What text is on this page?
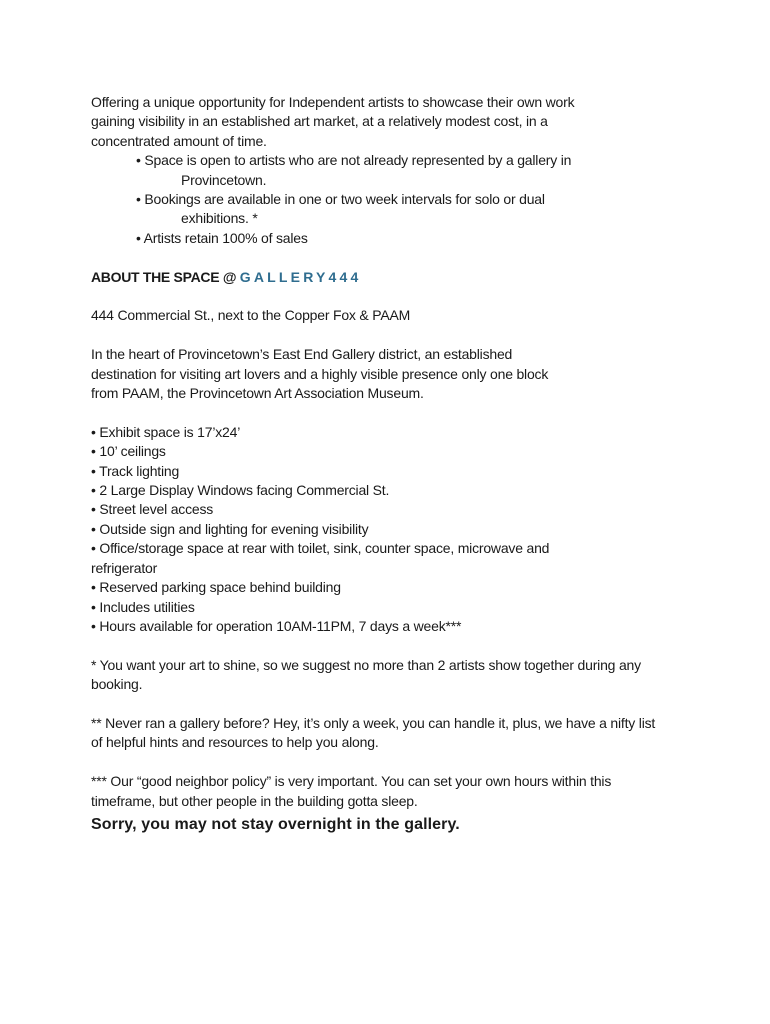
Offering a unique opportunity for Independent artists to showcase their own work
gaining visibility in an established art market, at a relatively modest cost, in a
concentrated amount of time.
• Space is open to artists who are not already represented by a gallery in
Provincetown.
• Bookings are available in one or two week intervals for solo or dual
exhibitions. *
• Artists retain 100% of sales
ABOUT THE SPACE @ GALLERY444
444 Commercial St., next to the Copper Fox & PAAM
In the heart of Provincetown’s East End Gallery district, an established
destination for visiting art lovers and a highly visible presence only one block
from PAAM, the Provincetown Art Association Museum.
• Exhibit space is 17’x24’
• 10’ ceilings
• Track lighting
• 2 Large Display Windows facing Commercial St.
• Street level access
• Outside sign and lighting for evening visibility
• Office/storage space at rear with toilet, sink, counter space, microwave and
refrigerator
• Reserved parking space behind building
• Includes utilities
• Hours available for operation 10AM-11PM, 7 days a week***
* You want your art to shine, so we suggest no more than 2 artists show together during any
booking.
** Never ran a gallery before? Hey, it’s only a week, you can handle it, plus, we have a nifty list
of helpful hints and resources to help you along.
*** Our “good neighbor policy” is very important. You can set your own hours within this
timeframe, but other people in the building gotta sleep.
Sorry, you may not stay overnight in the gallery.
